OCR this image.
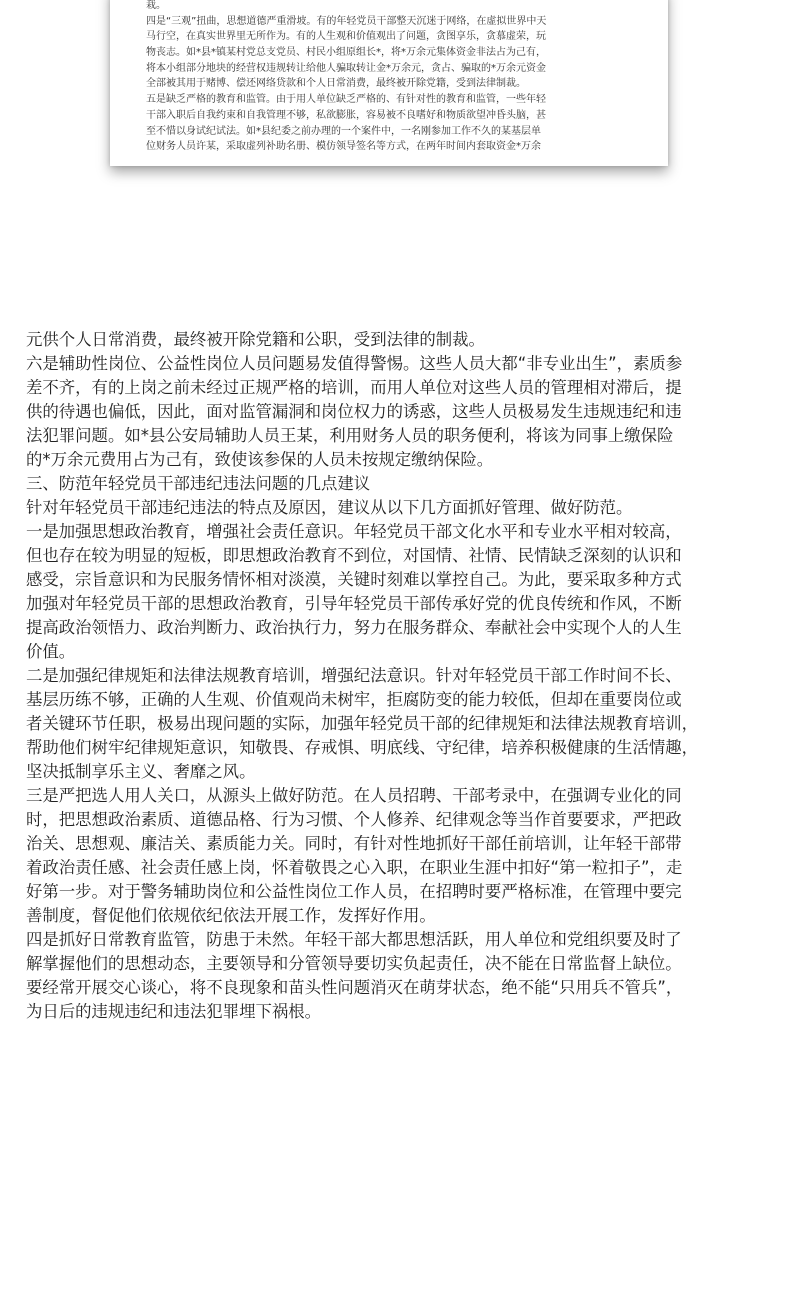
栽。
四是“三观”扭曲，思想道德严重滑坡。有的年轻党员干部整天沉迷于网络，在虚拟世界中天
马行空，在真实世界里无所作为。有的人生观和价值观出了问题，贪图享乐，贪慕虚荣，玩
物丧志。如*县*镇某村党总支党员、村民小组原组长*，将*万余元集体资金非法占为己有，
将本小组部分地块的经营权违规转让给他人骗取转让金*万余元，贪占、骗取的*万余元资金
全部被其用于赌博、偿还网络贷款和个人日常消费，最终被开除党籍，受到法律制裁。
五是缺乏严格的教育和监管。由于用人单位缺乏严格的、有针对性的教育和监管，一些年轻
干部入职后自我约束和自我管理不够，私欲膨胀，容易被不良嗜好和物质欲望冲昏头脑，甚
至不惜以身试纪试法。如*县纪委之前办理的一个案件中，一名刚参加工作不久的某基层单
位财务人员许某，采取虚列补助名册、模仿领导签名等方式，在两年时间内套取资金*万余
元供个人日常消费，最终被开除党籍和公职，受到法律的制裁。
六是辅助性岗位、公益性岗位人员问题易发值得警惕。这些人员大都“非专业出生”，素质参
差不齐，有的上岗之前未经过正规严格的培训，而用人单位对这些人员的管理相对滞后，提
供的待遇也偏低，因此，面对监管漏洞和岗位权力的诱惑，这些人员极易发生违规违纪和违
法犯罪问题。如*县公安局辅助人员王某，利用财务人员的职务便利，将该为同事上缴保险
的*万余元费用占为己有，致使该参保的人员未按规定缴纳保险。
三、防范年轻党员干部违纪违法问题的几点建议
针对年轻党员干部违纪违法的特点及原因，建议从以下几方面抓好管理、做好防范。
一是加强思想政治教育，增强社会责任意识。年轻党员干部文化水平和专业水平相对较高，
但也存在较为明显的短板，即思想政治教育不到位，对国情、社情、民情缺乏深刻的认识和
感受，宗旨意识和为民服务情怀相对淡漠，关键时刻难以掌控自己。为此，要采取多种方式
加强对年轻党员干部的思想政治教育，引导年轻党员干部传承好党的优良传统和作风，不断
提高政治领悟力、政治判断力、政治执行力，努力在服务群众、奉献社会中实现个人的人生
价值。
二是加强纪律规矩和法律法规教育培训，增强纪法意识。针对年轻党员干部工作时间不长、
基层历练不够，正确的人生观、价值观尚未树牢，拒腐防变的能力较低，但却在重要岗位或
者关键环节任职，极易出现问题的实际，加强年轻党员干部的纪律规矩和法律法规教育培训，
帮助他们树牢纪律规矩意识，知敬畏、存戒惧、明底线、守纪律，培养积极健康的生活情趣，
坚决抵制享乐主义、奢靡之风。
三是严把选人用人关口，从源头上做好防范。在人员招聘、干部考录中，在强调专业化的同
时，把思想政治素质、道德品格、行为习惯、个人修养、纪律观念等当作首要要求，严把政
治关、思想观、廉洁关、素质能力关。同时，有针对性地抓好干部任前培训，让年轻干部带
着政治责任感、社会责任感上岗，怀着敬畏之心入职，在职业生涯中扣好“第一粒扣子”，走
好第一步。对于警务辅助岗位和公益性岗位工作人员，在招聘时要严格标准，在管理中要完
善制度，督促他们依规依纪依法开展工作，发挥好作用。
四是抓好日常教育监管，防患于未然。年轻干部大都思想活跃，用人单位和党组织要及时了
解掌握他们的思想动态，主要领导和分管领导要切实负起责任，决不能在日常监督上缺位。
要经常开展交心谈心，将不良现象和苗头性问题消灭在萌芽状态，绝不能“只用兵不管兵”，
为日后的违规违纪和违法犯罪埋下祸根。
